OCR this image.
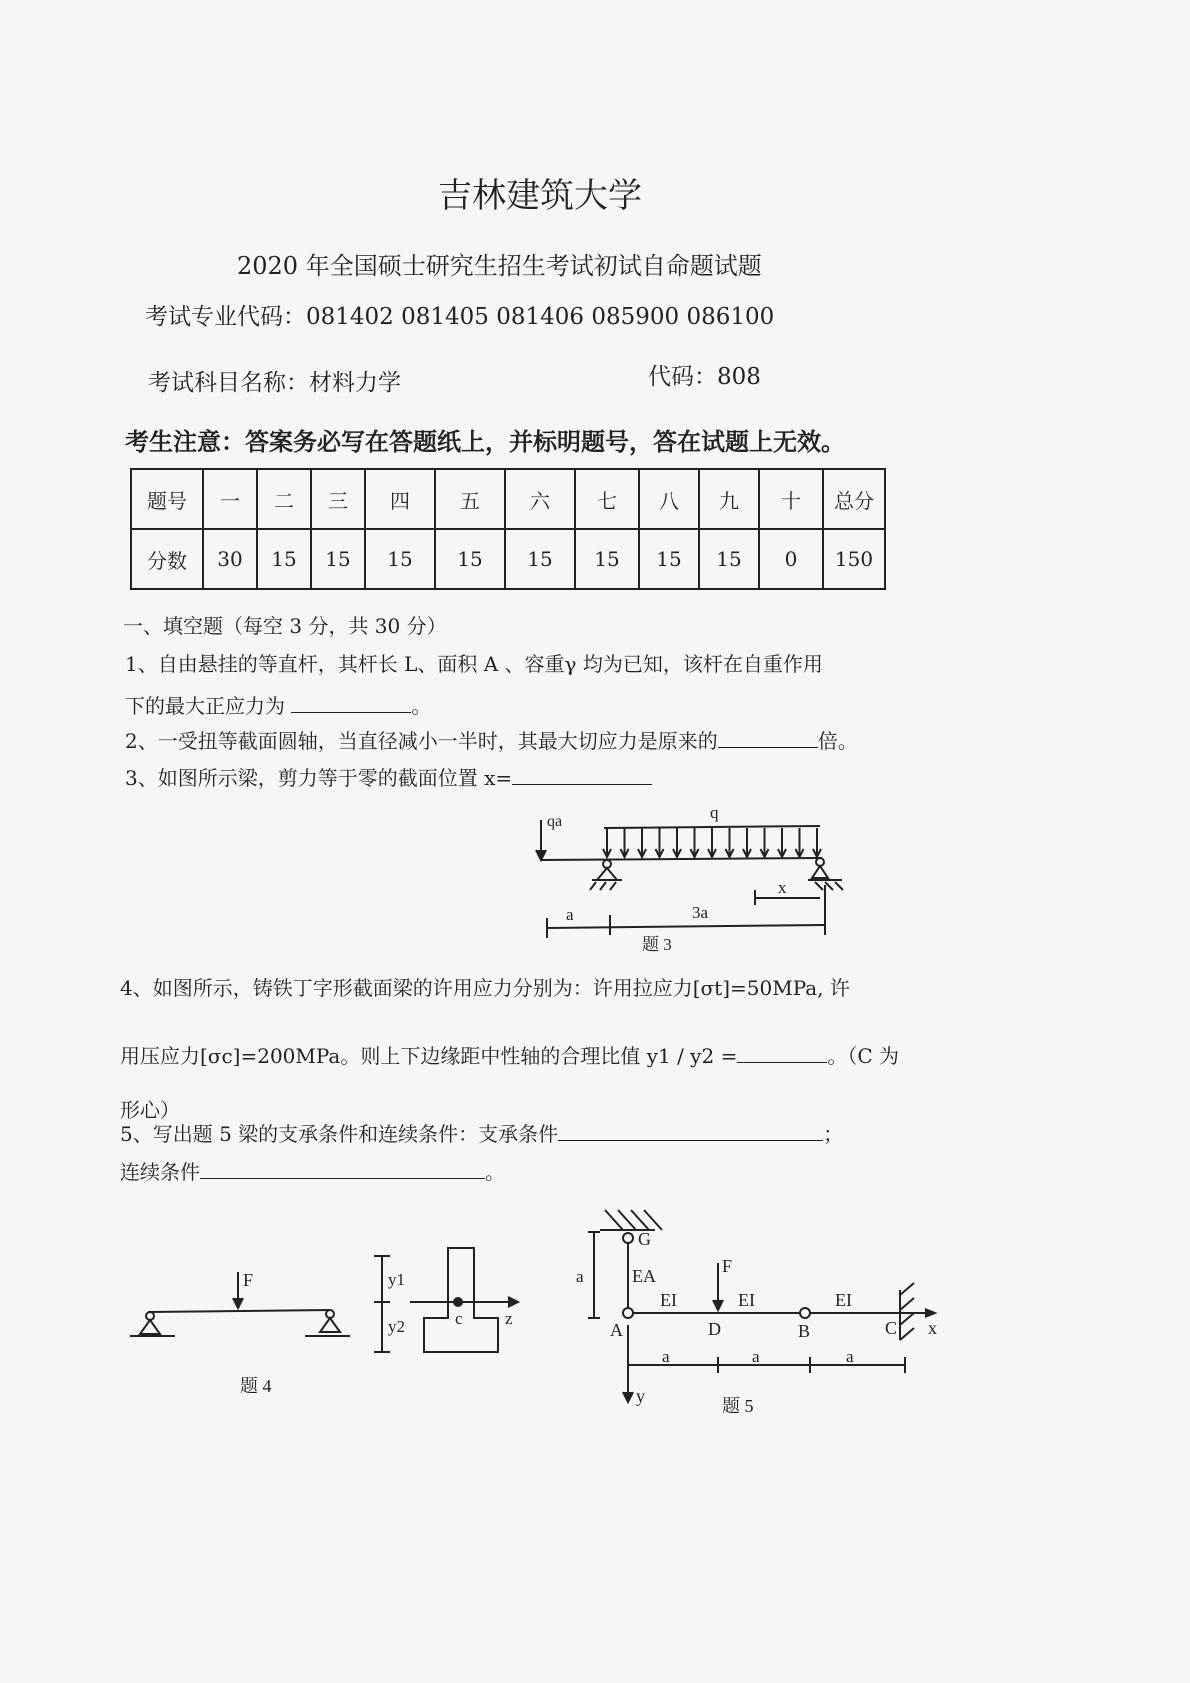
吉林建筑大学
2020 年全国硕士研究生招生考试初试自命题试题
考试专业代码：081402 081405 081406 085900 086100
考试科目名称：材料力学	代码：808
考生注意：答案务必写在答题纸上，并标明题号，答在试题上无效。
题号	一	二	三	四	五	六	七	八	九	十	总分
分数	30	15	15	15	15	15	15	15	15	0	150
一、填空题（每空 3 分，共 30 分）
1、自由悬挂的等直杆，其杆长 L、面积 A 、容重γ 均为已知，该杆在自重作用
下的最大正应力为	。
2、一受扭等截面圆轴，当直径减小一半时，其最大切应力是原来的	倍。
3、如图所示梁，剪力等于零的截面位置 x=
4、如图所示，铸铁丁字形截面梁的许用应力分别为：许用拉应力[σt]=50MPa, 许
用压应力[σc]=200MPa。则上下边缘距中性轴的合理比值 y1 / y2 =	。（C 为
形心）
5、写出题 5 梁的支承条件和连续条件：支承条件	；
连续条件	。
qa	q
x
a	3a
题 3
F
题 4
y1
y2	c z
G
a	EA	F
EI	EI	EI
A	D	B	C x
y
a	a	a
题 5
